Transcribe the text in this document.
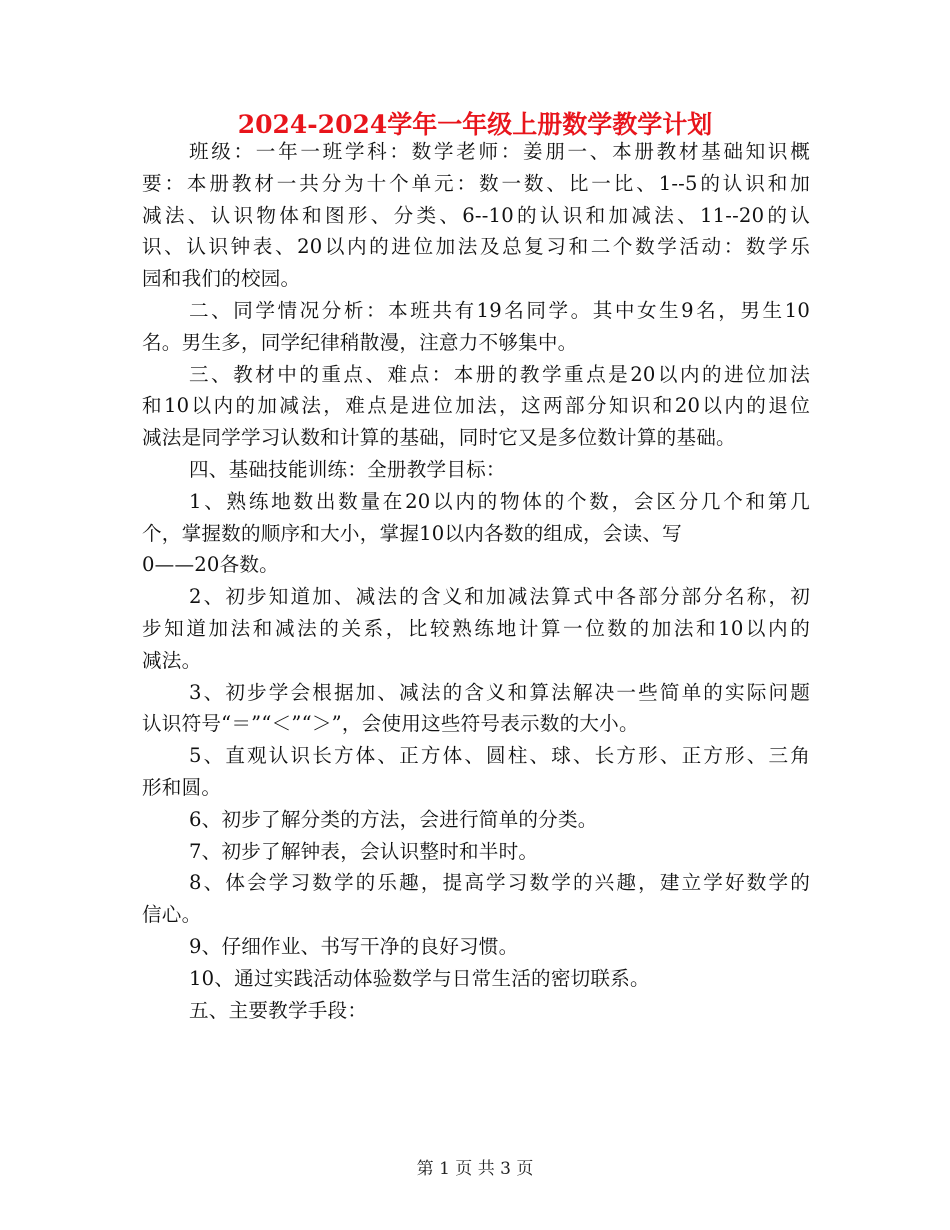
2024-2024学年一年级上册数学教学计划

班级：一年一班学科：数学老师：姜朋一、本册教材基础知识概
要：本册教材一共分为十个单元：数一数、比一比、1--5的认识和加
减法、认识物体和图形、分类、6--10的认识和加减法、11--20的认
识、认识钟表、20以内的进位加法及总复习和二个数学活动：数学乐
园和我们的校园。

二、同学情况分析：本班共有19名同学。其中女生9名，男生10
名。男生多，同学纪律稍散漫，注意力不够集中。

三、教材中的重点、难点：本册的教学重点是20以内的进位加法
和10以内的加减法，难点是进位加法，这两部分知识和20以内的退位
减法是同学学习认数和计算的基础，同时它又是多位数计算的基础。

四、基础技能训练：全册教学目标：

1、熟练地数出数量在20以内的物体的个数，会区分几个和第几
个，掌握数的顺序和大小，掌握10以内各数的组成，会读、写
0——20各数。

2、初步知道加、减法的含义和加减法算式中各部分部分名称，初
步知道加法和减法的关系，比较熟练地计算一位数的加法和10以内的
减法。

3、初步学会根据加、减法的含义和算法解决一些简单的实际问题
认识符号“＝”“＜”“＞”，会使用这些符号表示数的大小。

5、直观认识长方体、正方体、圆柱、球、长方形、正方形、三角
形和圆。

6、初步了解分类的方法，会进行简单的分类。

7、初步了解钟表，会认识整时和半时。

8、体会学习数学的乐趣，提高学习数学的兴趣，建立学好数学的
信心。

9、仔细作业、书写干净的良好习惯。

10、通过实践活动体验数学与日常生活的密切联系。

五、主要教学手段：

第 1 页 共 3 页
